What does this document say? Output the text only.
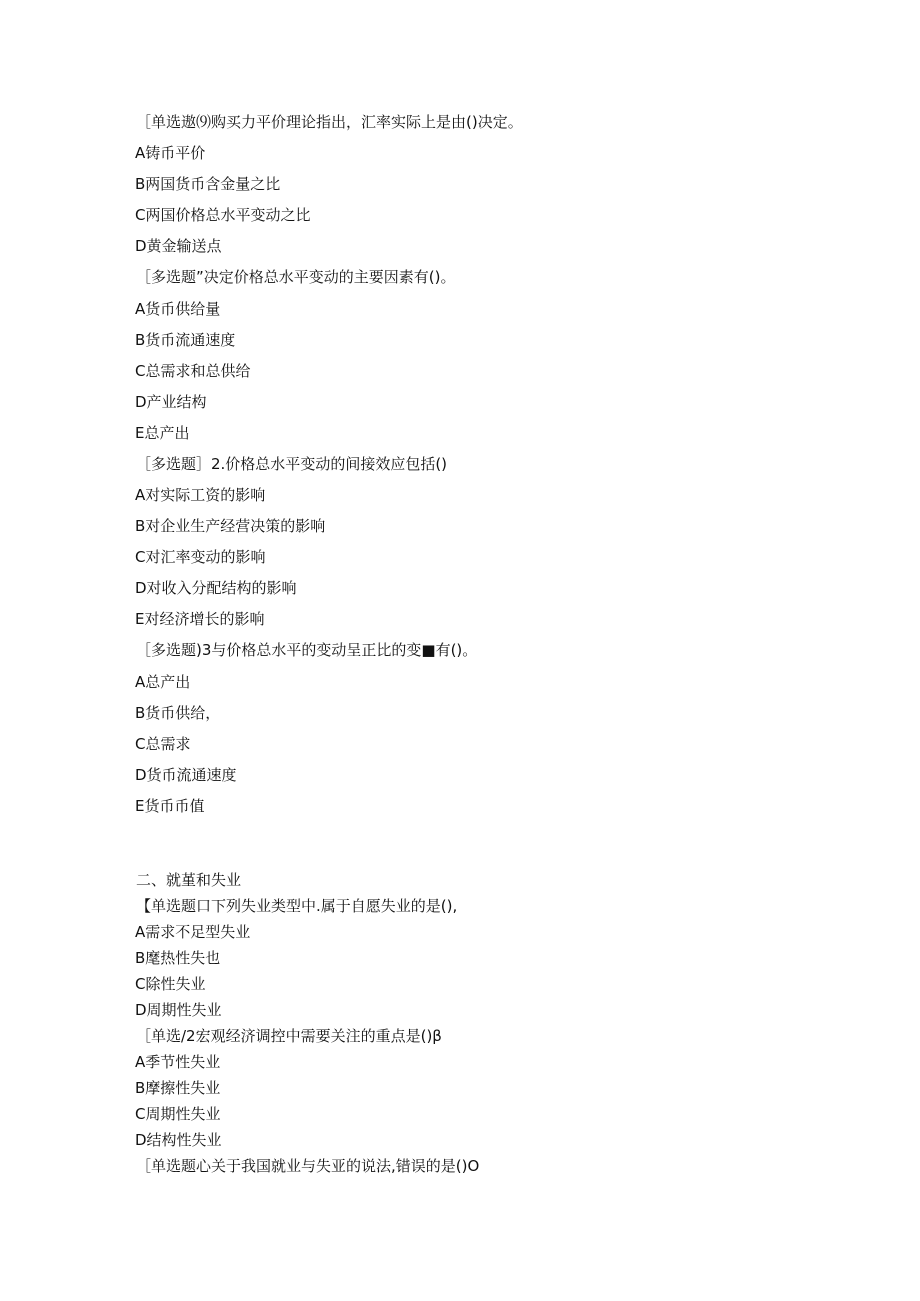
［单选遨⑼购买力平价理论指出，汇率实际上是由()决定。
A铸币平价
B两国货币含金量之比
C两国价格总水平变动之比
D黄金输送点
［多选题”决定价格总水平变动的主要因素有()。
A货币供给量
B货币流通速度
C总需求和总供给
D产业结构
E总产出
［多选题］2.价格总水平变动的间接效应包括()
A对实际工资的影响
B对企业生产经营决策的影响
C对汇率变动的影响
D对收入分配结构的影响
E对经济增长的影响
［多选题)3与价格总水平的变动呈正比的变■有()。
A总产出
B货币供给，
C总需求
D货币流通速度
E货币币值
二、就堇和失业
【单选题口下列失业类型中.属于自愿失业的是(),
A需求不足型失业
B麾热性失也
C除性失业
D周期性失业
［单选/2宏观经济调控中需要关注的重点是()β
A季节性失业
B摩擦性失业
C周期性失业
D结构性失业
［单选题心关于我国就业与失亚的说法,错误的是()O
